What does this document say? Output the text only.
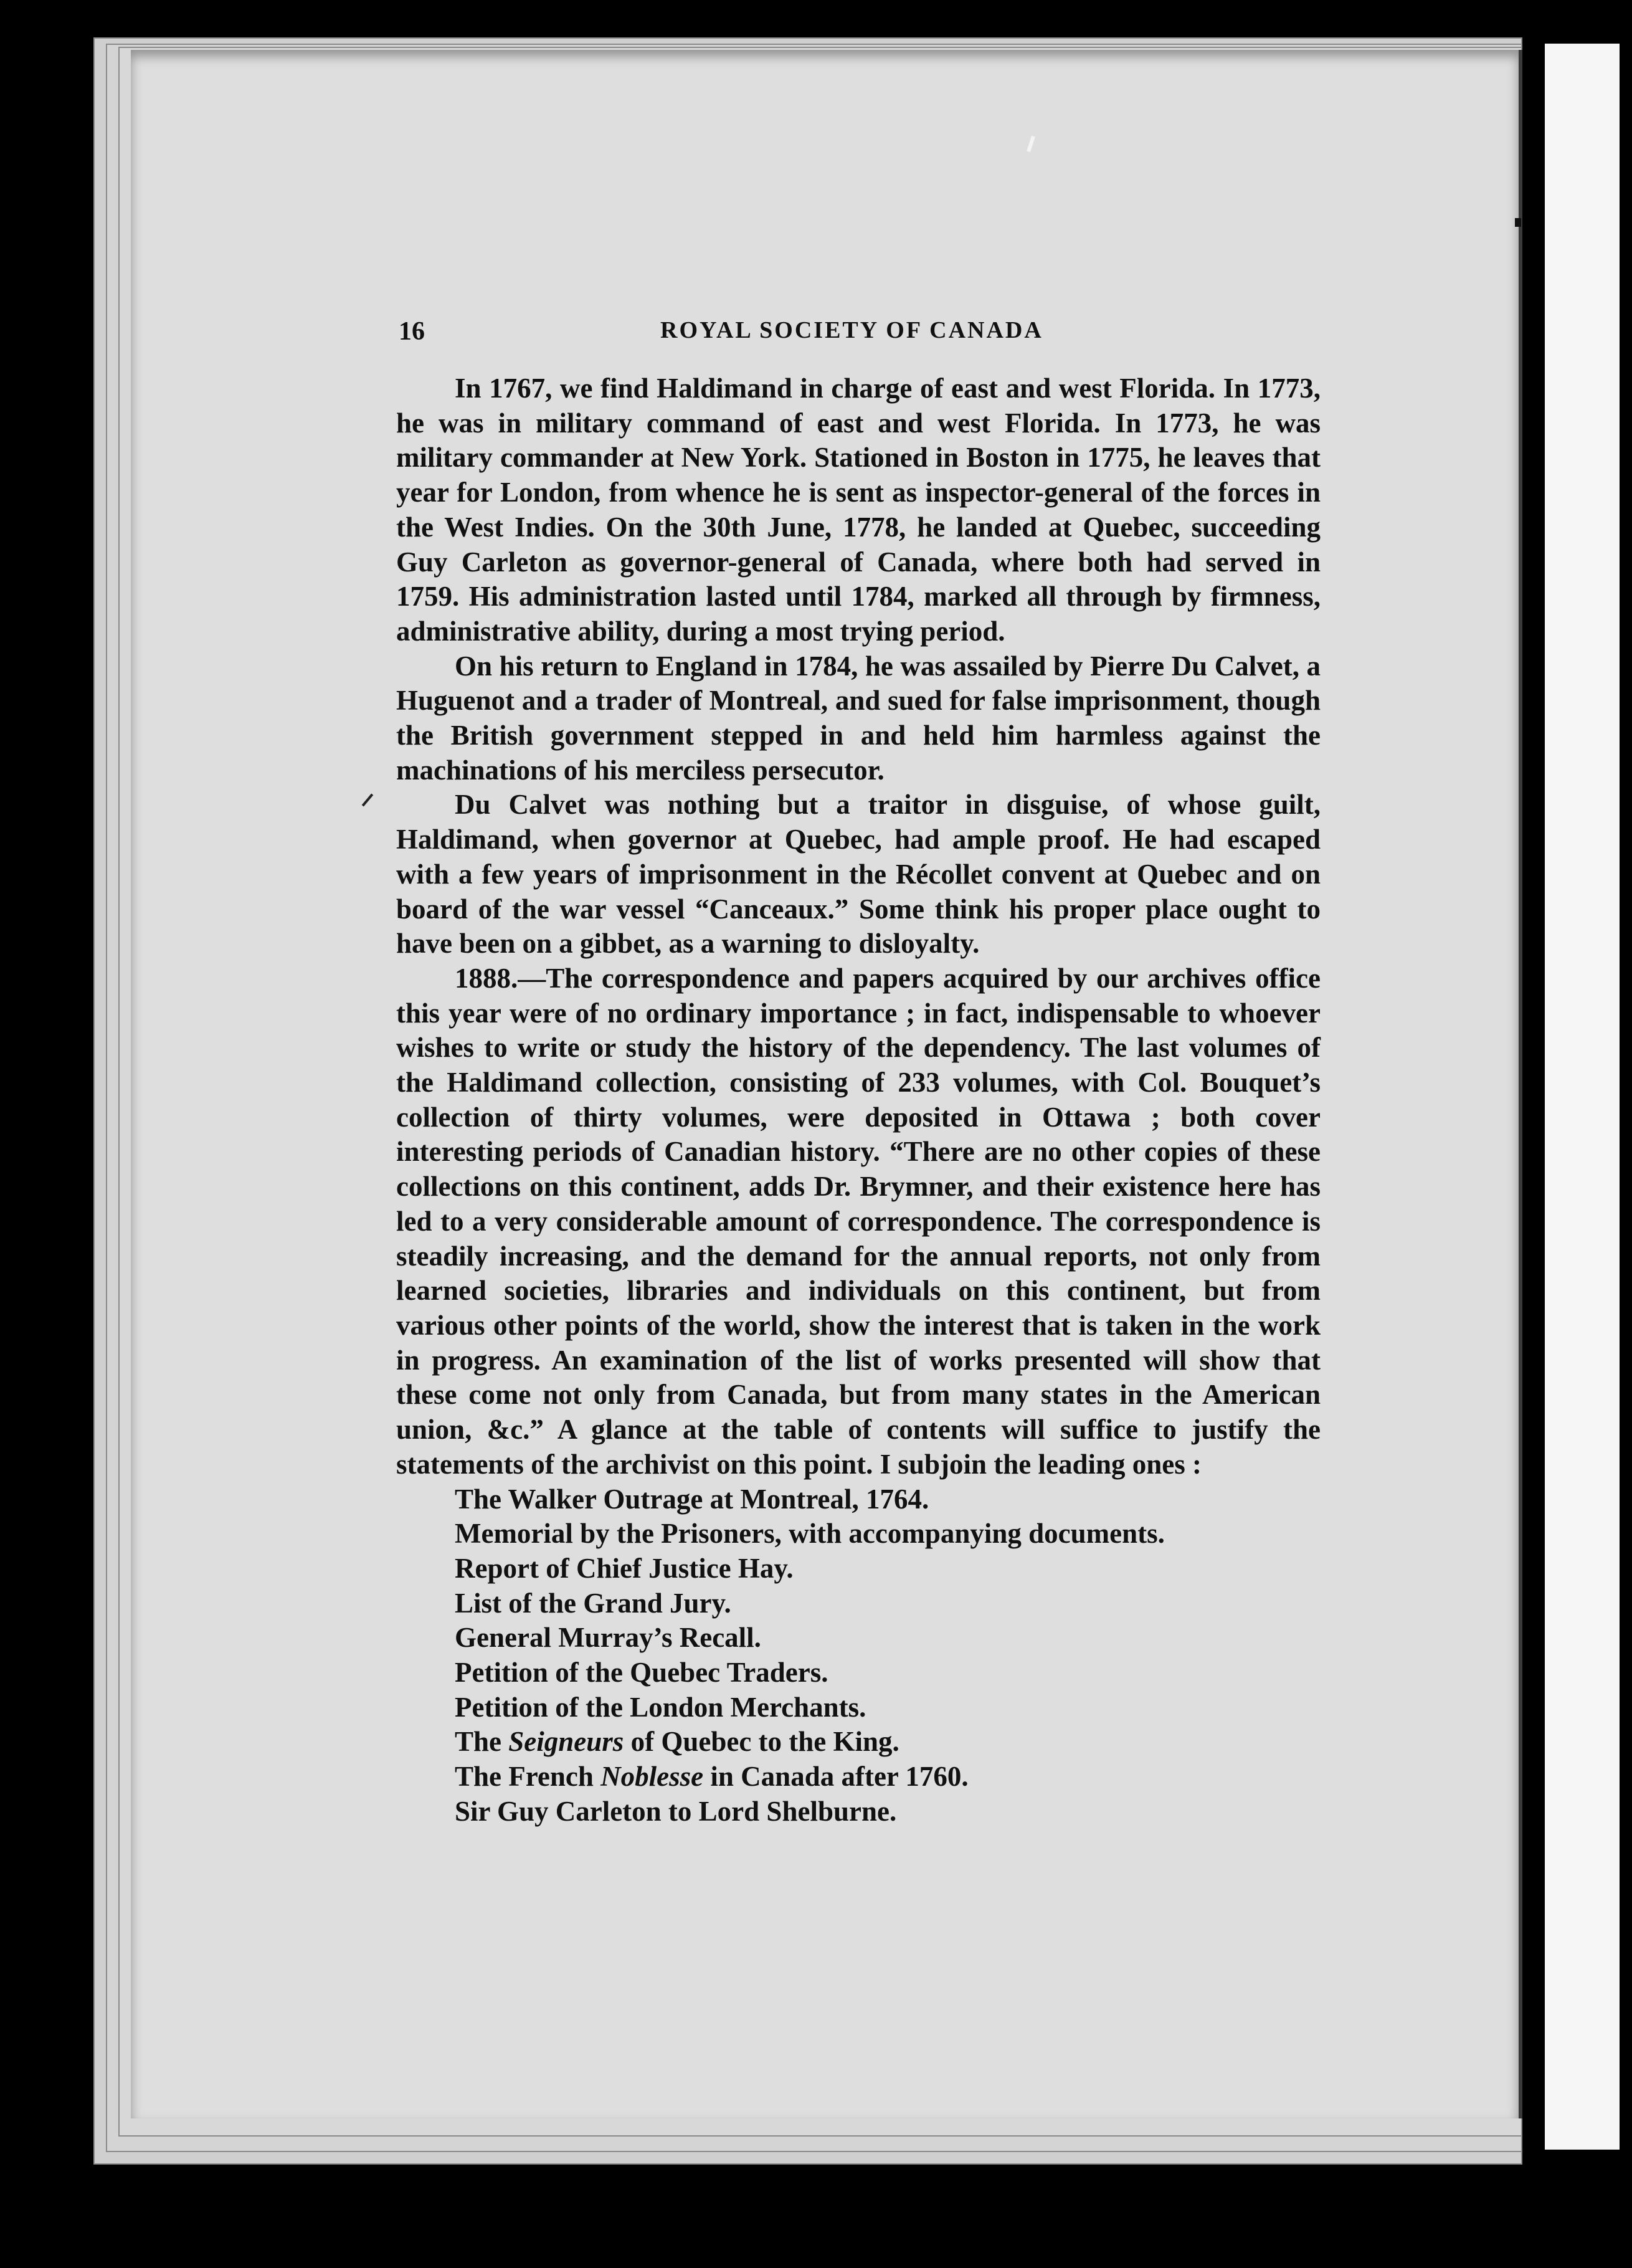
16	ROYAL SOCIETY OF CANADA

In 1767, we find Haldimand in charge of east and west Florida. In 1773, he was in military command of east and west Florida. In 1773, he was military commander at New York. Stationed in Boston in 1775, he leaves that year for London, from whence he is sent as inspector-general of the forces in the West Indies. On the 30th June, 1778, he landed at Quebec, succeeding Guy Carleton as governor-general of Canada, where both had served in 1759. His administration lasted until 1784, marked all through by firmness, administrative ability, during a most trying period.

On his return to England in 1784, he was assailed by Pierre Du Calvet, a Huguenot and a trader of Montreal, and sued for false imprisonment, though the British government stepped in and held him harmless against the machinations of his merciless persecutor.

Du Calvet was nothing but a traitor in disguise, of whose guilt, Haldimand, when governor at Quebec, had ample proof. He had escaped with a few years of imprisonment in the Récollet convent at Quebec and on board of the war vessel “Canceaux.” Some think his proper place ought to have been on a gibbet, as a warning to disloyalty.

1888.—The correspondence and papers acquired by our archives office this year were of no ordinary importance ; in fact, indispensable to whoever wishes to write or study the history of the dependency. The last volumes of the Haldimand collection, consisting of 233 volumes, with Col. Bouquet’s collection of thirty volumes, were deposited in Ottawa ; both cover interesting periods of Canadian history. “There are no other copies of these collections on this continent, adds Dr. Brymner, and their existence here has led to a very considerable amount of correspondence. The correspondence is steadily increasing, and the demand for the annual reports, not only from learned societies, libraries and individuals on this continent, but from various other points of the world, show the interest that is taken in the work in progress. An examination of the list of works presented will show that these come not only from Canada, but from many states in the American union, &c.” A glance at the table of contents will suffice to justify the statements of the archivist on this point. I subjoin the leading ones :

The Walker Outrage at Montreal, 1764.
Memorial by the Prisoners, with accompanying documents.
Report of Chief Justice Hay.
List of the Grand Jury.
General Murray’s Recall.
Petition of the Quebec Traders.
Petition of the London Merchants.
The Seigneurs of Quebec to the King.
The French Noblesse in Canada after 1760.
Sir Guy Carleton to Lord Shelburne.
